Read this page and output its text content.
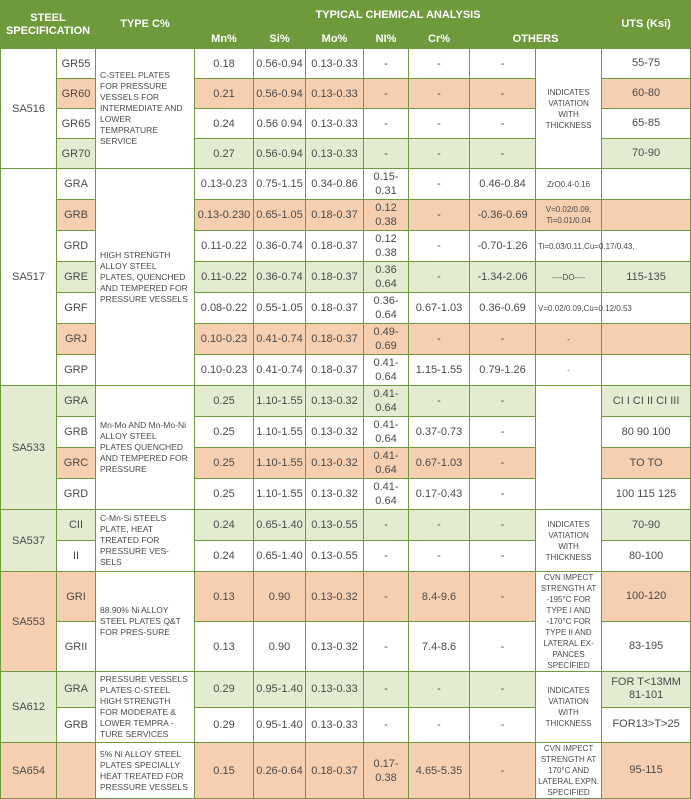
STEEL SPECIFICATION		TYPE C%	TYPICAL CHEMICAL ANALYSIS							UTS (Ksi)
			Mn%	Si%	Mo%	NI%	Cr%	OTHERS		
SA516	GR55	C-STEEL PLATES FOR PRESSURE VESSELS FOR INTERMEDIATE AND LOWER TEMPRATURE SERVICE	0.18	0.56-0.94	0.13-0.33	-	-	-	INDICATES VATIATION WITH THICKNESS	55-75
	GR60		0.21	0.56-0.94	0.13-0.33	-	-	-		60-80
	GR65		0.24	0.56 0.94	0.13-0.33	-	-	-		65-85
	GR70		0.27	0.56-0.94	0.13-0.33	-	-	-		70-90
SA517	GRA	HIGH STRENGTH ALLOY STEEL PLATES, QUENCHED AND TEMPERED FOR PRESSURE VESSELS	0.13-0.23	0.75-1.15	0.34-0.86	0.15-0.31	-	0.46-0.84	ZrO0.4-0.16	
	GRB		0.13-0.230	0.65-1.05	0.18-0.37	0.12 0.38	-	-0.36-0.69	V=0.02/0.09, Ti=0.01/0.04	
	GRD		0.11-0.22	0.36-0.74	0.18-0.37	0.12 0.38	-	-0.70-1.26	Ti=0.03/0.11,Cu=0.17/0.43,	
	GRE		0.11-0.22	0.36-0.74	0.18-0.37	0.36 0.64	-	-1.34-2.06	----DO----	115-135
	GRF		0.08-0.22	0.55-1.05	0.18-0.37	0.36-0.64	0.67-1.03	0.36-0.69	V=0.02/0.09,Cu=0.12/0.53	
	GRJ		0.10-0.23	0.41-0.74	0.18-0.37	0.49-0.69	-	-	-	
	GRP		0.10-0.23	0.41-0.74	0.18-0.37	0.41-0.64	1.15-1.55	0.79-1.26	-	
SA533	GRA	Mn-Mo AND Mn-Mo-Ni ALLOY STEEL PLATES QUENCHED AND TEMPERED FOR PRESSURE	0.25	1.10-1.55	0.13-0.32	0.41-0.64	-	-		CI I CI II CI III
	GRB		0.25	1.10-1.55	0.13-0.32	0.41-0.64	0.37-0.73	-		80 90 100
	GRC		0.25	1.10-1.55	0.13-0.32	0.41-0.64	0.67-1.03	-		TO TO
	GRD		0.25	1.10-1.55	0.13-0.32	0.41-0.64	0.17-0.43	-		100 115 125
SA537	CII	C-Mn-Si STEELS PLATE, HEAT TREATED FOR PRESSURE VES-SELS	0.24	0.65-1.40	0.13-0.55	-	-	-	INDICATES VATIATION WITH THICKNESS	70-90
	II		0.24	0.65-1.40	0.13-0.55	-	-	-		80-100
SA553	GRI	88.90% Ni ALLOY STEEL PLATES Q&T FOR PRES-SURE	0.13	0.90	0.13-0.32	-	8.4-9.6	-	CVN IMPECT STRENGTH AT -195°C FOR TYPE I AND -170°C FOR TYPE II AND LATERAL EX-PANCES SPECIFIED	100-120
	GRII		0.13	0.90	0.13-0.32	-	7.4-8.6	-		83-195
SA612	GRA	PRESSURE VESSELS PLATES C-STEEL HIGH STRENGTH FOR MODERATE & LOWER TEMPRA - TURE SERVICES	0.29	0.95-1.40	0.13-0.33	-	-	-	INDICATES VATIATION WITH THICKNESS	FOR T<13MM 81-101
	GRB		0.29	0.95-1.40	0.13-0.33	-	-	-		FOR13>T>25
SA654		5% Ni ALLOY STEEL PLATES SPECIALLY HEAT TREATED FOR PRESSURE VESSELS	0.15	0.26-0.64	0.18-0.37	0.17-0.38	4.65-5.35	-	CVN IMPECT STRENGTH AT 170°C AND LATERAL EXPN. SPECIFIED	95-115
